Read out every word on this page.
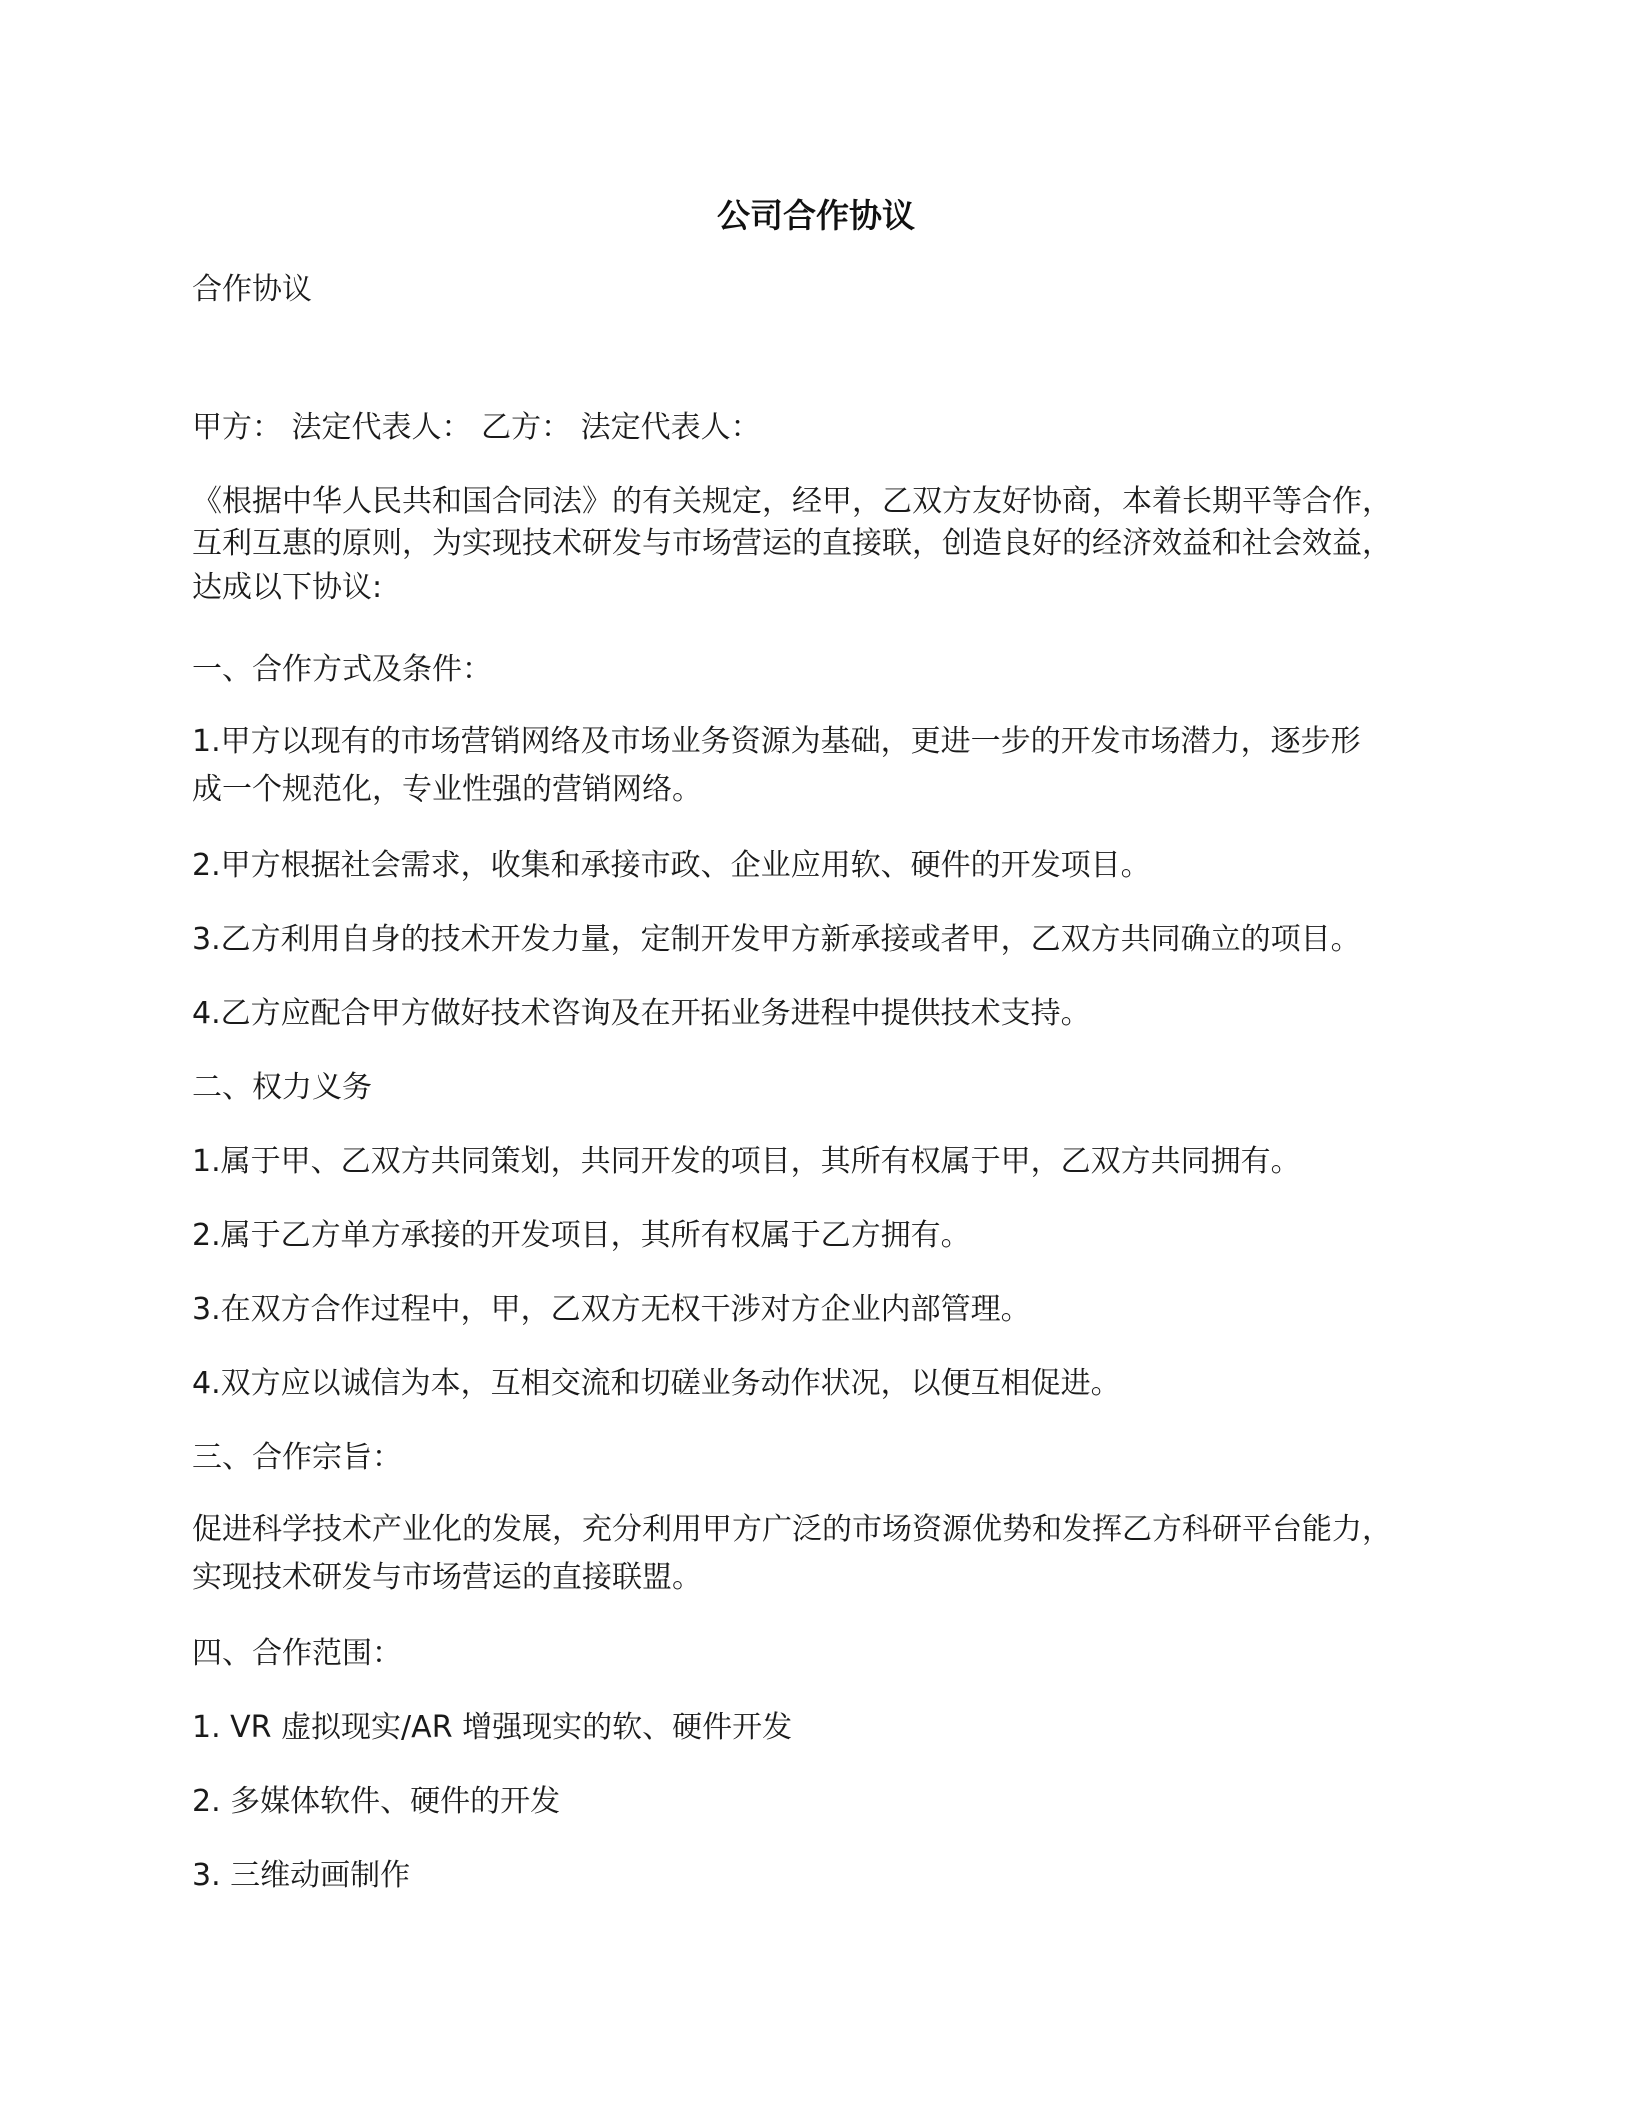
公司合作协议

合作协议

甲方： 法定代表人： 乙方： 法定代表人：

《根据中华人民共和国合同法》的有关规定，经甲，乙双方友好协商，本着长期平等合作，

互利互惠的原则，为实现技术研发与市场营运的直接联，创造良好的经济效益和社会效益，

达成以下协议:

一、合作方式及条件：

1.甲方以现有的市场营销网络及市场业务资源为基础，更进一步的开发市场潜力，逐步形

成一个规范化，专业性强的营销网络。

2.甲方根据社会需求，收集和承接市政、企业应用软、硬件的开发项目。

3.乙方利用自身的技术开发力量，定制开发甲方新承接或者甲，乙双方共同确立的项目。

4.乙方应配合甲方做好技术咨询及在开拓业务进程中提供技术支持。

二、权力义务

1.属于甲、乙双方共同策划，共同开发的项目，其所有权属于甲，乙双方共同拥有。

2.属于乙方单方承接的开发项目，其所有权属于乙方拥有。

3.在双方合作过程中，甲，乙双方无权干涉对方企业内部管理。

4.双方应以诚信为本，互相交流和切磋业务动作状况，以便互相促进。

三、合作宗旨：

促进科学技术产业化的发展，充分利用甲方广泛的市场资源优势和发挥乙方科研平台能力，

实现技术研发与市场营运的直接联盟。

四、合作范围：

1. VR 虚拟现实/AR 增强现实的软、硬件开发

2. 多媒体软件、硬件的开发

3. 三维动画制作
